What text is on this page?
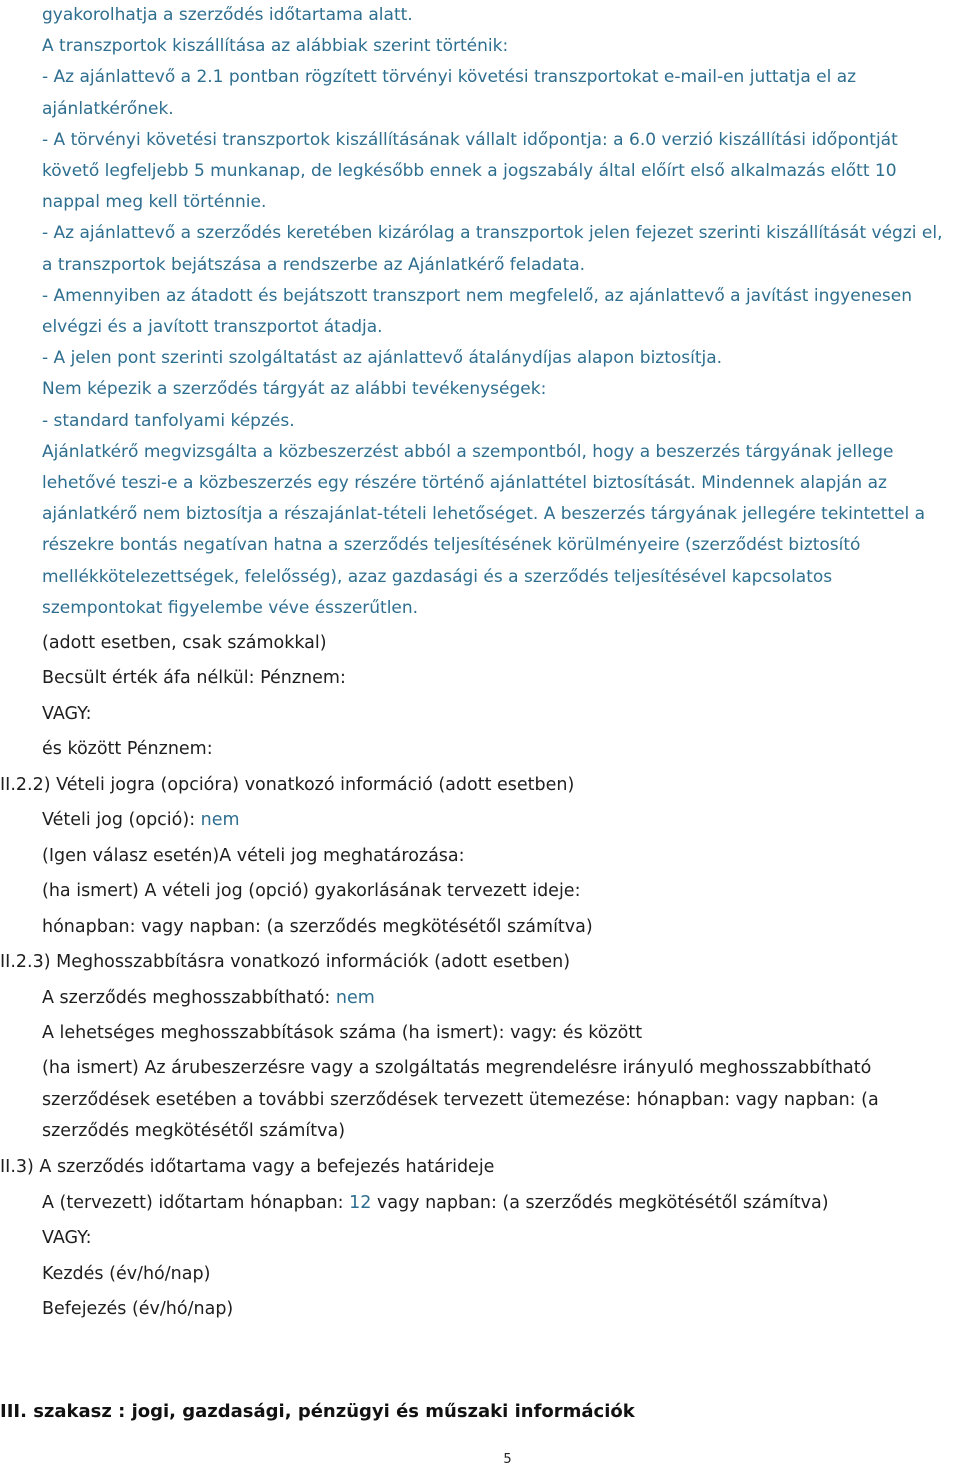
gyakorolhatja a szerződés időtartama alatt.

A transzportok kiszállítása az alábbiak szerint történik:

- Az ajánlattevő a 2.1 pontban rögzített törvényi követési transzportokat e-mail-en juttatja el az ajánlatkérőnek.

- A törvényi követési transzportok kiszállításának vállalt időpontja: a 6.0 verzió kiszállítási időpontját követő legfeljebb 5 munkanap, de legkésőbb ennek a jogszabály által előírt első alkalmazás előtt 10 nappal meg kell történnie.

- Az ajánlattevő a szerződés keretében kizárólag a transzportok jelen fejezet szerinti kiszállítását végzi el, a transzportok bejátszása a rendszerbe az Ajánlatkérő feladata.

- Amennyiben az átadott és bejátszott transzport nem megfelelő, az ajánlattevő a javítást ingyenesen elvégzi és a javított transzportot átadja.

- A jelen pont szerinti szolgáltatást az ajánlattevő átalánydíjas alapon biztosítja.

Nem képezik a szerződés tárgyát az alábbi tevékenységek:

- standard tanfolyami képzés.

Ajánlatkérő megvizsgálta a közbeszerzést abból a szempontból, hogy a beszerzés tárgyának jellege lehetővé teszi-e a közbeszerzés egy részére történő ajánlattétel biztosítását. Mindennek alapján az ajánlatkérő nem biztosítja a részajánlat-tételi lehetőséget. A beszerzés tárgyának jellegére tekintettel a részekre bontás negatívan hatna a szerződés teljesítésének körülményeire (szerződést biztosító mellékkötelezettségek, felelősség), azaz gazdasági és a szerződés teljesítésével kapcsolatos szempontokat figyelembe véve ésszerűtlen.

(adott esetben, csak számokkal)
Becsült érték áfa nélkül: Pénznem:
VAGY:
és között Pénznem:
II.2.2) Vételi jogra (opcióra) vonatkozó információ (adott esetben)
Vételi jog (opció): nem
(Igen válasz esetén)A vételi jog meghatározása:
(ha ismert) A vételi jog (opció) gyakorlásának tervezett ideje:
hónapban: vagy napban: (a szerződés megkötésétől számítva)
II.2.3) Meghosszabbításra vonatkozó információk (adott esetben)
A szerződés meghosszabbítható: nem
A lehetséges meghosszabbítások száma (ha ismert): vagy: és között
(ha ismert) Az árubeszerzésre vagy a szolgáltatás megrendelésre irányuló meghosszabbítható szerződések esetében a további szerződések tervezett ütemezése: hónapban: vagy napban: (a szerződés megkötésétől számítva)
II.3) A szerződés időtartama vagy a befejezés határideje
A (tervezett) időtartam hónapban: 12 vagy napban: (a szerződés megkötésétől számítva)
VAGY:
Kezdés (év/hó/nap)
Befejezés (év/hó/nap)
III. szakasz : jogi, gazdasági, pénzügyi és műszaki információk
5
